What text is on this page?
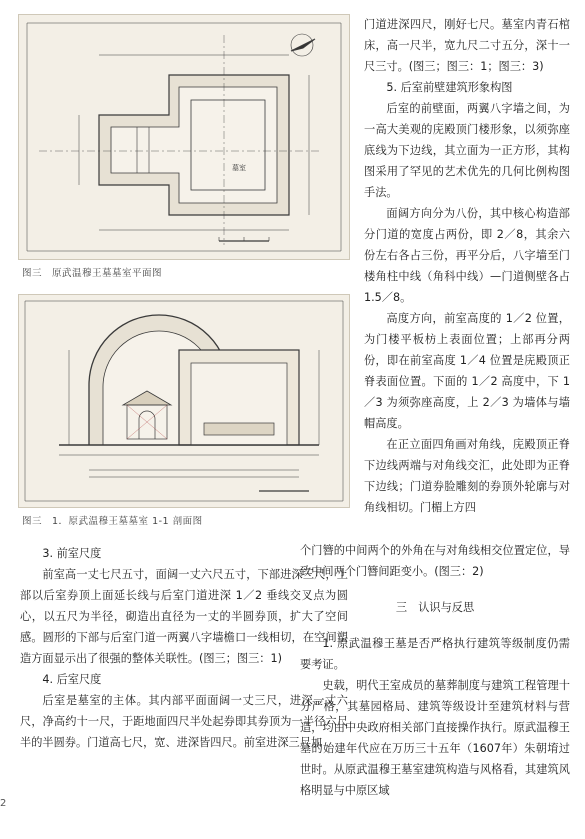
墓室
图三　原武温穆王墓墓室平面图
图三　1．原武温穆王墓墓室 1-1 剖面图

3. 前室尺度

前室高一丈七尺五寸，面阔一丈六尺五寸，下部进深三尺，上部以后室券顶上面延长线与后室门道进深 1／2 垂线交叉点为圆心，以五尺为半径，砌造出直径为一丈的半圆券顶，扩大了空间感。圆形的下部与后室门道一两翼八字墙檐口一线相切，在空间塑造方面显示出了很强的整体关联性。(图三；图三：1)

4. 后室尺度

后室是墓室的主体。其内部平面面阔一丈三尺，进深一丈六尺，净高约十一尺，于距地面四尺半处起券即其券顶为一半径六尺半的半圆券。门道高七尺，宽、进深皆四尺。前室进深三尺加

门道进深四尺，刚好七尺。墓室内青石棺床，高一尺半，宽九尺二寸五分，深十一尺三寸。(图三；图三：1；图三：3)

5. 后室前壁建筑形象构图

后室的前壁面，两翼八字墙之间，为一高大美观的庑殿顶门楼形象，以须弥座底线为下边线，其立面为一正方形，其构图采用了罕见的艺术优先的几何比例构图手法。

面阔方向分为八份，其中核心构造部分门道的宽度占两份，即 2／8，其余六份左右各占三份，再平分后，八字墙至门楼角柱中线（角科中线）—门道侧壁各占1.5／8。

高度方向，前室高度的 1／2 位置，为门楼平板枋上表面位置；上部再分两份，即在前室高度 1／4 位置是庑殿顶正脊表面位置。下面的 1／2 高度中，下 1／3 为须弥座高度，上 2／3 为墙体与墙帽高度。

在正立面四角画对角线，庑殿顶正脊下边线两端与对角线交汇，此处即为正脊下边线；门道券脸雕刻的券顶外轮廓与对角线相切。门楣上方四

个门簪的中间两个的外角在与对角线相交位置定位，导致中间两个门簪间距变小。(图三：2)

三　认识与反思

1. 原武温穆王墓是否严格执行建筑等级制度仍需要考证。

史载，明代王室成员的墓葬制度与建筑工程管理十分严格，其墓园格局、建筑等级设计至建筑材料与营造，均由中央政府相关部门直接操作执行。原武温穆王墓的始建年代应在万历三十五年（1607年）朱朝堉过世时。从原武温穆王墓室建筑构造与风格看，其建筑风格明显与中原区域

2
